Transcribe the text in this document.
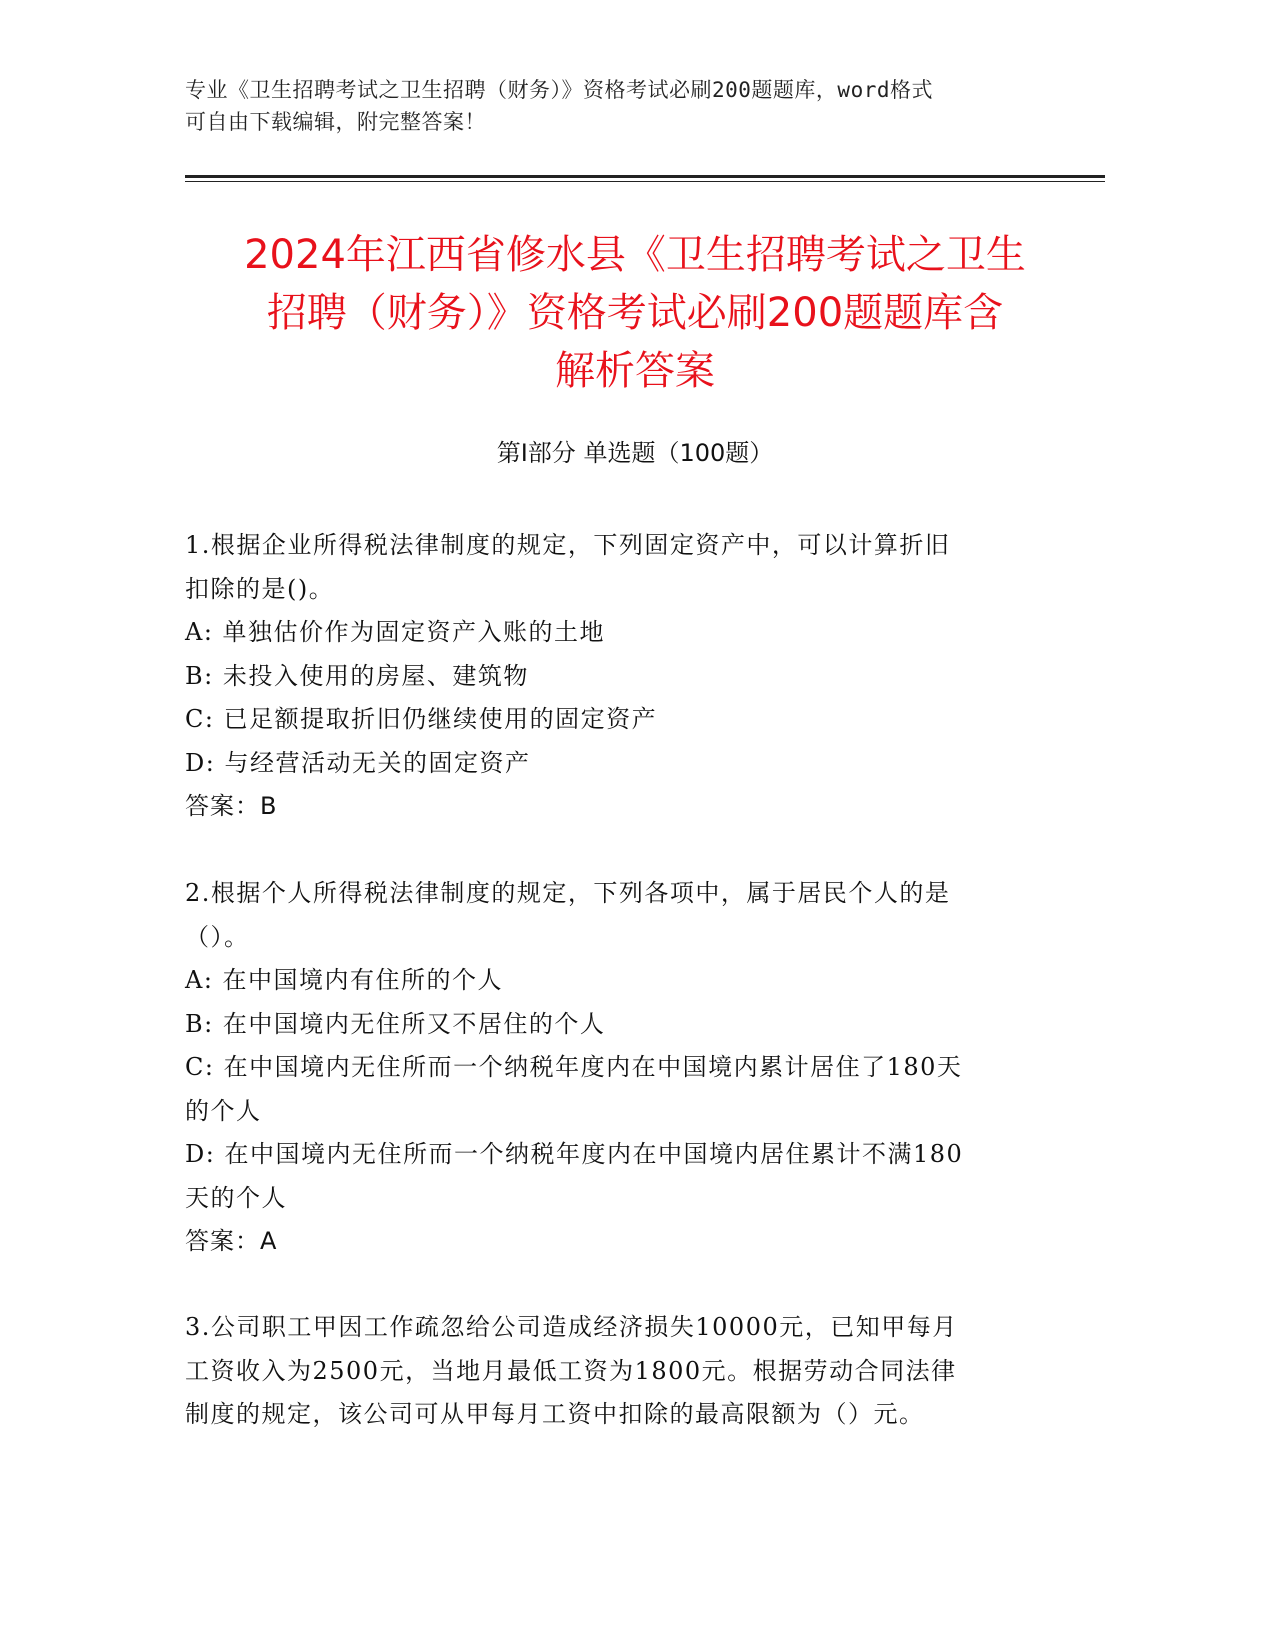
专业《卫生招聘考试之卫生招聘（财务）》资格考试必刷200题题库，word格式
可自由下载编辑，附完整答案！
2024年江西省修水县《卫生招聘考试之卫生
招聘（财务）》资格考试必刷200题题库含
解析答案
第Ⅰ部分 单选题（100题）
1.根据企业所得税法律制度的规定，下列固定资产中，可以计算折旧
扣除的是()。
A: 单独估价作为固定资产入账的土地
B: 未投入使用的房屋、建筑物
C: 已足额提取折旧仍继续使用的固定资产
D: 与经营活动无关的固定资产
答案：B
2.根据个人所得税法律制度的规定，下列各项中，属于居民个人的是
（）。
A: 在中国境内有住所的个人
B: 在中国境内无住所又不居住的个人
C: 在中国境内无住所而一个纳税年度内在中国境内累计居住了180天
的个人
D: 在中国境内无住所而一个纳税年度内在中国境内居住累计不满180
天的个人
答案：A
3.公司职工甲因工作疏忽给公司造成经济损失10000元，已知甲每月
工资收入为2500元，当地月最低工资为1800元。根据劳动合同法律
制度的规定，该公司可从甲每月工资中扣除的最高限额为（）元。
